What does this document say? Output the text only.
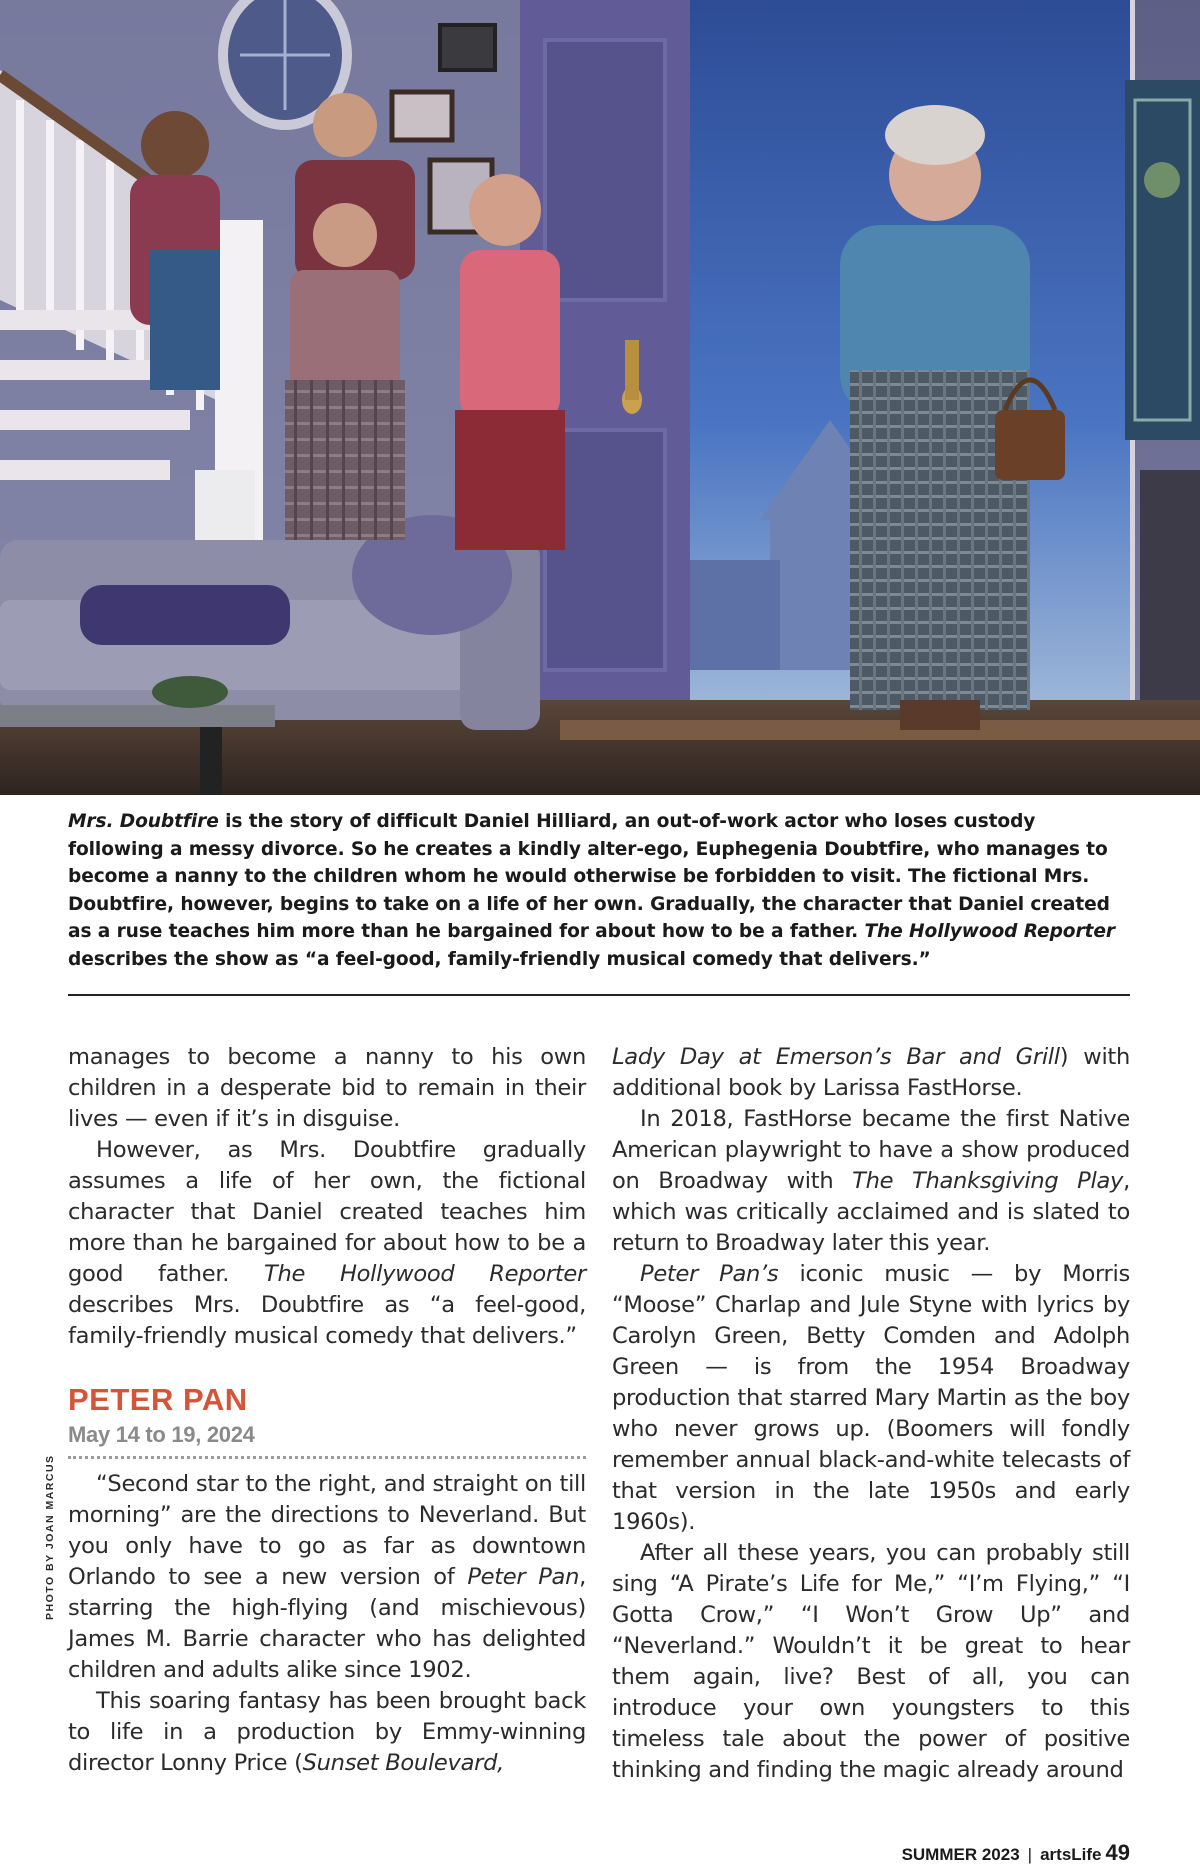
Mrs. Doubtfire is the story of difficult Daniel Hilliard, an out-of-work actor who loses custody following a messy divorce. So he creates a kindly alter-ego, Euphegenia Doubtfire, who manages to become a nanny to the children whom he would otherwise be forbidden to visit. The fictional Mrs. Doubtfire, however, begins to take on a life of her own. Gradually, the character that Daniel created as a ruse teaches him more than he bargained for about how to be a father. The Hollywood Reporter describes the show as “a feel-good, family-friendly musical comedy that delivers.”

manages to become a nanny to his own children in a desperate bid to remain in their lives — even if it’s in disguise.

However, as Mrs. Doubtfire gradually assumes a life of her own, the fictional character that Daniel created teaches him more than he bargained for about how to be a good father. The Hollywood Reporter describes Mrs. Doubtfire as “a feel-good, family-friendly musical comedy that delivers.”

PETER PAN
May 14 to 19, 2024

“Second star to the right, and straight on till morning” are the directions to Neverland. But you only have to go as far as downtown Orlando to see a new version of Peter Pan, starring the high-flying (and mischievous) James M. Barrie character who has delighted children and adults alike since 1902.

This soaring fantasy has been brought back to life in a production by Emmy-winning director Lonny Price (Sunset Boulevard,

Lady Day at Emerson’s Bar and Grill) with additional book by Larissa FastHorse.

In 2018, FastHorse became the first Native American playwright to have a show produced on Broadway with The Thanksgiving Play, which was critically acclaimed and is slated to return to Broadway later this year.

Peter Pan’s iconic music — by Morris “Moose” Charlap and Jule Styne with lyrics by Carolyn Green, Betty Comden and Adolph Green — is from the 1954 Broadway production that starred Mary Martin as the boy who never grows up. (Boomers will fondly remember annual black-and-white telecasts of that version in the late 1950s and early 1960s).

After all these years, you can probably still sing “A Pirate’s Life for Me,” “I’m Flying,” “I Gotta Crow,” “I Won’t Grow Up” and “Neverland.” Wouldn’t it be great to hear them again, live? Best of all, you can introduce your own youngsters to this timeless tale about the power of positive thinking and finding the magic already around

PHOTO BY JOAN MARCUS
SUMMER 2023 | artsLife 49
